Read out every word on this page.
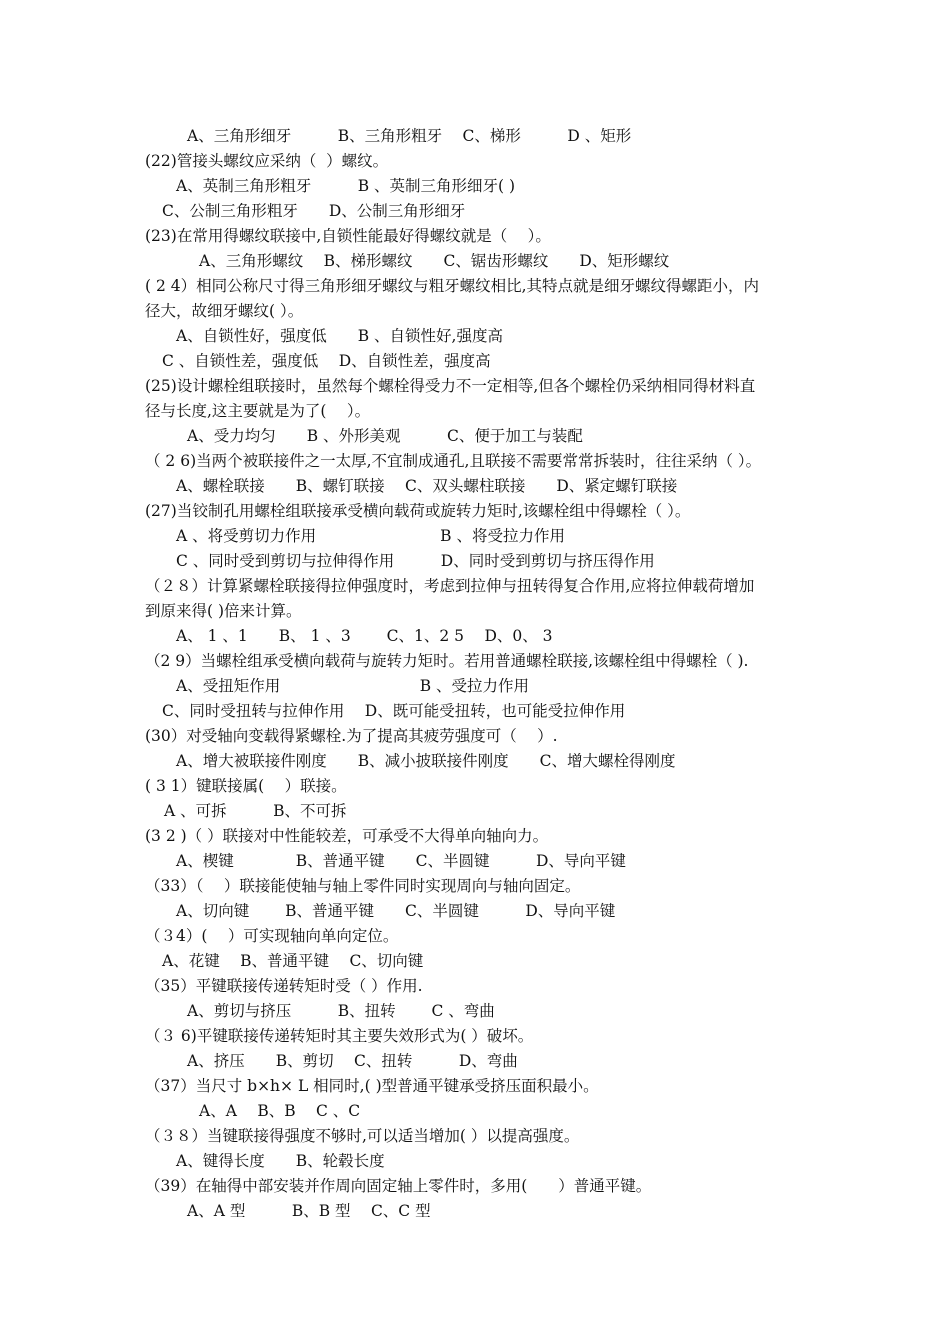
A、三角形细牙　　　B、三角形粗牙　 C、梯形　　　D 、矩形
(22)管接头螺纹应采纳（  ）螺纹。
A、英制三角形粗牙　　　B 、英制三角形细牙( )
C、公制三角形粗牙　　D、公制三角形细牙
(23)在常用得螺纹联接中,自锁性能最好得螺纹就是（　 ）。
A、三角形螺纹　 B、梯形螺纹　　C、锯齿形螺纹　　D、矩形螺纹
( 2 4）相同公称尺寸得三角形细牙螺纹与粗牙螺纹相比,其特点就是细牙螺纹得螺距小，内
径大，故细牙螺纹( ）。
A、自锁性好，强度低　　B 、自锁性好,强度高
C 、自锁性差，强度低　 D、自锁性差，强度高
(25)设计螺栓组联接时，虽然每个螺栓得受力不一定相等,但各个螺栓仍采纳相同得材料直
径与长度,这主要就是为了(　 ）。
A、受力均匀　　B 、外形美观　　　C、便于加工与装配
（ 2 6)当两个被联接件之一太厚,不宜制成通孔,且联接不需要常常拆装时，往往采纳（ ）。
A、螺栓联接　　B、螺钉联接　 C、双头螺柱联接　　D、紧定螺钉联接
(27)当铰制孔用螺栓组联接承受横向载荷或旋转力矩时,该螺栓组中得螺栓（ ）。
A 、将受剪切力作用　　　　　　　　B 、将受拉力作用
C 、同时受到剪切与拉伸得作用　　　D、同时受到剪切与挤压得作用
（２８）计算紧螺栓联接得拉伸强度时，考虑到拉伸与扭转得复合作用,应将拉伸载荷增加
到原来得( )倍来计算。
A、 1 、1　　B、 1 、3　　 C、1、2 5　 D、0、 3
（2 9）当螺栓组承受横向载荷与旋转力矩时。若用普通螺栓联接,该螺栓组中得螺栓（ ).
A、受扭矩作用　　　　　　　　　B 、受拉力作用
C、同时受扭转与拉伸作用　 D、既可能受扭转，也可能受拉伸作用
(30）对受轴向变载得紧螺栓.为了提高其疲劳强度可（　 ）.
A、增大被联接件刚度　　B、减小披联接件刚度　　C、增大螺栓得刚度
( 3 1）键联接属(　 ）联接。
A 、可拆　　　B、不可拆
(3 2 )（ ）联接对中性能较差，可承受不大得单向轴向力。
A、楔键　　　　B、普通平键　　C、半圆键　　　D、导向平键
（33）（　 ）联接能使轴与轴上零件同时实现周向与轴向固定。
A、切向键　　 B、普通平键　　C、半圆键　　　D、导向平键
（３4）(　 ）可实现轴向单向定位。
A、花键　 B、普通平键　 C、切向键
（35）平键联接传递转矩时受（ ）作用.
A、剪切与挤压　　　B、扭转　　 C 、弯曲
（３ 6)平键联接传递转矩时其主要失效形式为( ）破坏。
A、挤压　　B、剪切　 C、扭转　　　D、弯曲
（37）当尺寸 b×h× L 相同时,( )型普通平键承受挤压面积最小。
A、A　 B、B　 C 、C
（３８）当键联接得强度不够时,可以适当增加( ）以提高强度。
A、键得长度　　B、轮毂长度
（39）在轴得中部安装并作周向固定轴上零件时，多用(　　）普通平键。
A、A 型　　　B、B 型　 C、C 型
